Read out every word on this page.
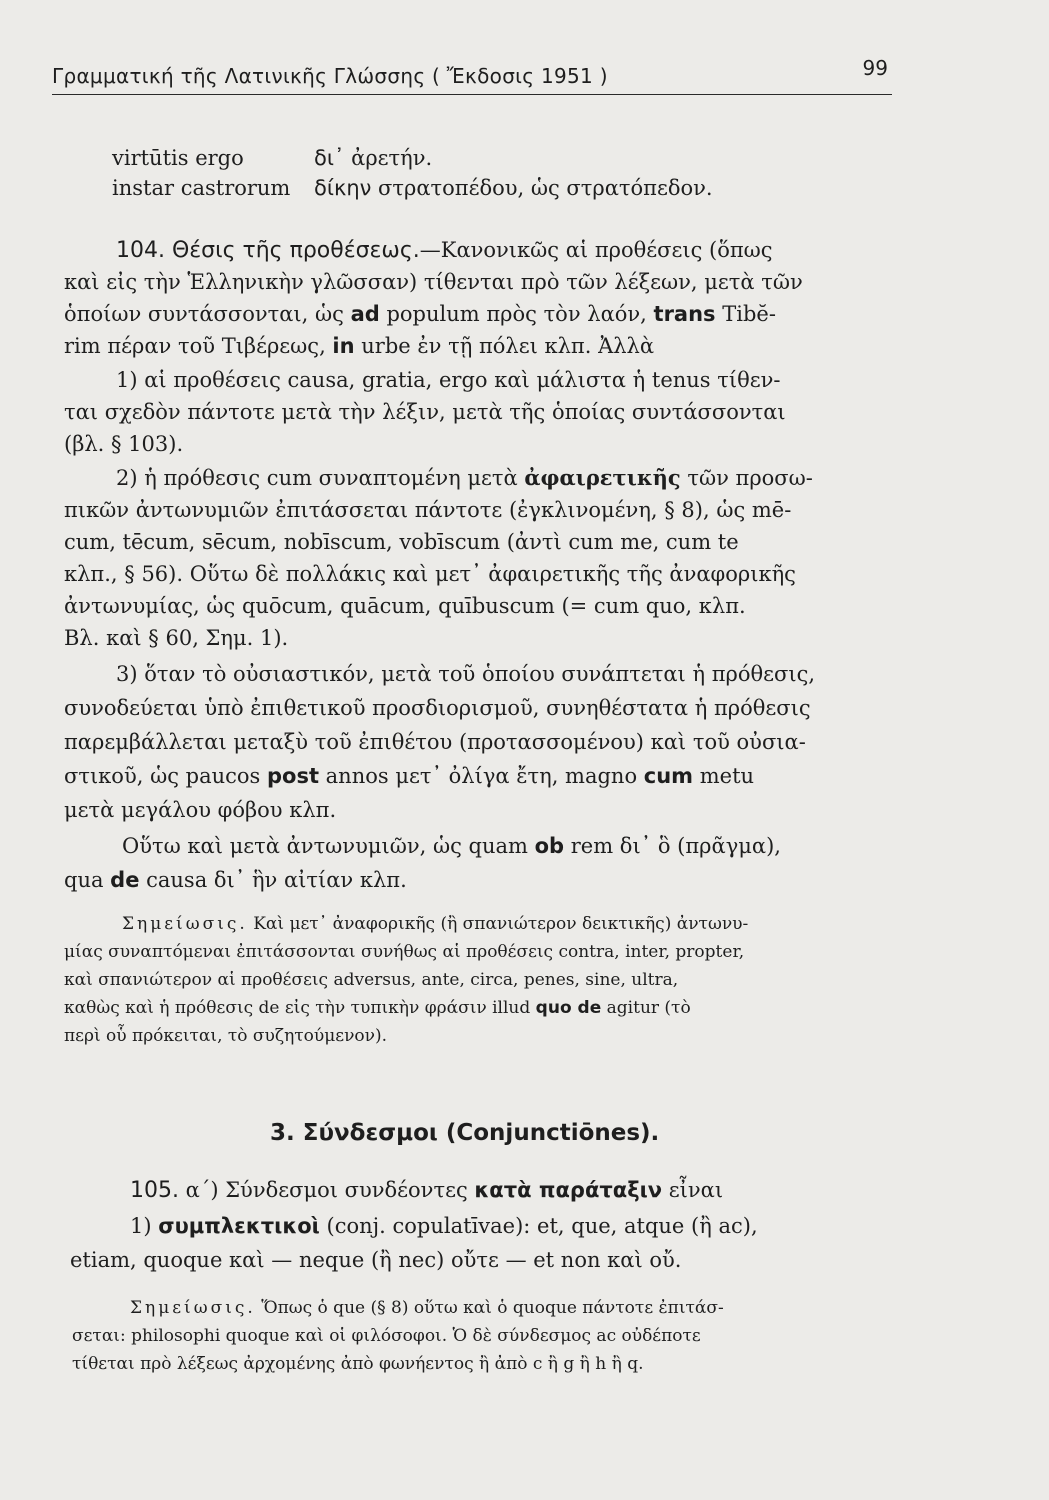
Γραμματική τῆς Λατινικῆς Γλώσσης ( Ἔκδοσις 1951 )	99
virtūtis ergo	δι᾽ ἀρετήν.
instar castrorum δίκην στρατοπέδου, ὡς στρατόπεδον.
104. Θέσις τῆς προθέσεως.—Κανονικῶς αἱ προθέσεις (ὅπως
καὶ εἰς τὴν Ἑλληνικὴν γλῶσσαν) τίθενται πρὸ τῶν λέξεων, μετὰ τῶν
ὁποίων συντάσσονται, ὡς ad populum πρὸς τὸν λαόν, trans Tibĕ-
rim πέραν τοῦ Τιβέρεως, in urbe ἐν τῇ πόλει κλπ. Ἀλλὰ
1) αἱ προθέσεις causa, gratia, ergo καὶ μάλιστα ἡ tenus τίθεν-
ται σχεδὸν πάντοτε μετὰ τὴν λέξιν, μετὰ τῆς ὁποίας συντάσσονται
(βλ. § 103).
2) ἡ πρόθεσις cum συναπτομένη μετὰ ἀφαιρετικῆς τῶν προσω-
πικῶν ἀντωνυμιῶν ἐπιτάσσεται πάντοτε (ἐγκλινομένη, § 8), ὡς mē-
cum, tēcum, sēcum, nobīscum, vobīscum (ἀντὶ cum me, cum te
κλπ., § 56). Οὕτω δὲ πολλάκις καὶ μετ᾽ ἀφαιρετικῆς τῆς ἀναφορικῆς
ἀντωνυμίας, ὡς quōcum, quācum, quībuscum (= cum quo, κλπ.
Βλ. καὶ § 60, Σημ. 1).
3) ὅταν τὸ οὐσιαστικόν, μετὰ τοῦ ὁποίου συνάπτεται ἡ πρόθεσις,
συνοδεύεται ὑπὸ ἐπιθετικοῦ προσδιορισμοῦ, συνηθέστατα ἡ πρόθεσις
παρεμβάλλεται μεταξὺ τοῦ ἐπιθέτου (προτασσομένου) καὶ τοῦ οὐσια-
στικοῦ, ὡς paucos post annos μετ᾽ ὀλίγα ἔτη, magno cum metu
μετὰ μεγάλου φόβου κλπ.
Οὕτω καὶ μετὰ ἀντωνυμιῶν, ὡς quam ob rem δι᾽ ὃ (πρᾶγμα),
qua de causa δι᾽ ἣν αἰτίαν κλπ.
Σημείωσις. Καὶ μετ᾽ ἀναφορικῆς (ἢ σπανιώτερον δεικτικῆς) ἀντωνυ-
μίας συναπτόμεναι ἐπιτάσσονται συνήθως αἱ προθέσεις contra, inter, propter,
καὶ σπανιώτερον αἱ προθέσεις adversus, ante, circa, penes, sine, ultra,
καθὼς καὶ ἡ πρόθεσις de εἰς τὴν τυπικὴν φράσιν illud quo de agitur (τὸ
περὶ οὗ πρόκειται, τὸ συζητούμενον).
3. Σύνδεσμοι (Conjunctiōnes).
105. α΄) Σύνδεσμοι συνδέοντες κατὰ παράταξιν εἶναι
1) συμπλεκτικοὶ (conj. copulatīvae): et, que, atque (ἢ ac),
etiam, quoque καὶ — neque (ἢ nec) οὔτε — et non καὶ οὔ.
Σημείωσις. Ὅπως ὁ que (§ 8) οὕτω καὶ ὁ quoque πάντοτε ἐπιτάσ-
σεται: philosophi quoque καὶ οἱ φιλόσοφοι. Ὁ δὲ σύνδεσμος ac οὐδέποτε
τίθεται πρὸ λέξεως ἀρχομένης ἀπὸ φωνήεντος ἢ ἀπὸ c ἢ g ἢ h ἢ q.
